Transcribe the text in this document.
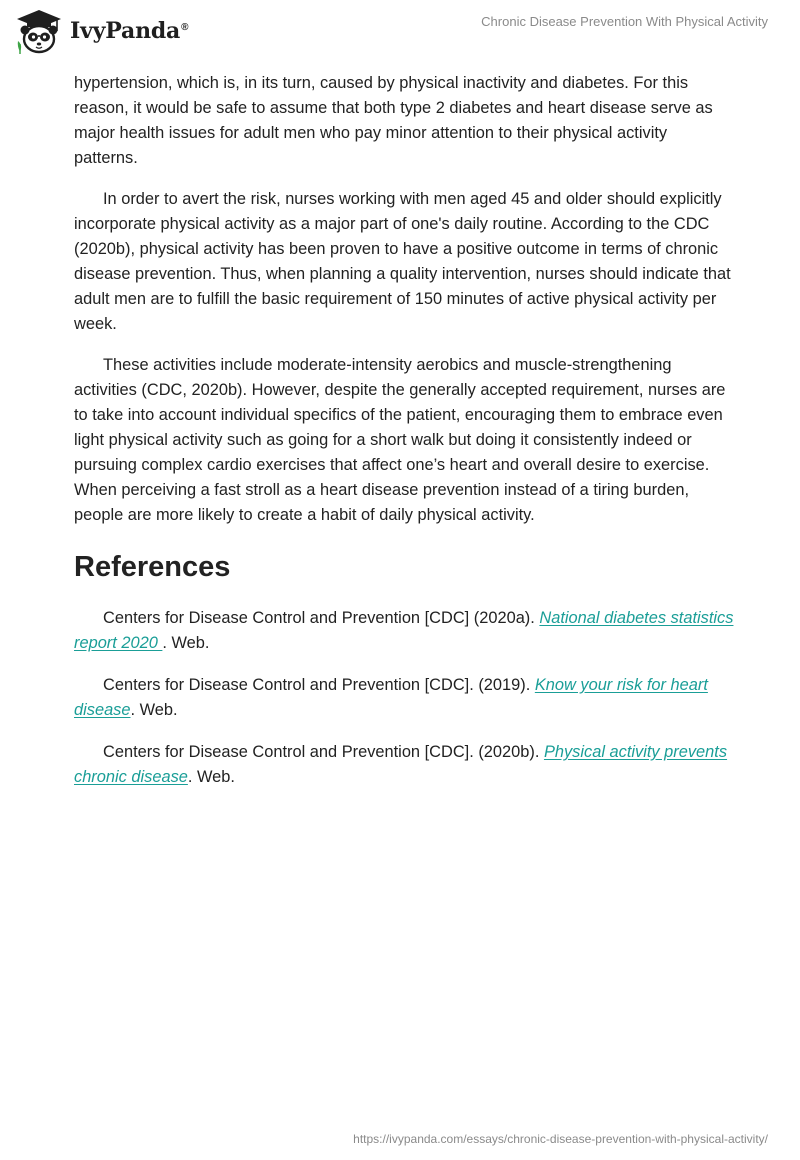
IvyPanda®	Chronic Disease Prevention With Physical Activity

hypertension, which is, in its turn, caused by physical inactivity and diabetes. For this reason, it would be safe to assume that both type 2 diabetes and heart disease serve as major health issues for adult men who pay minor attention to their physical activity patterns.

In order to avert the risk, nurses working with men aged 45 and older should explicitly incorporate physical activity as a major part of one's daily routine. According to the CDC (2020b), physical activity has been proven to have a positive outcome in terms of chronic disease prevention. Thus, when planning a quality intervention, nurses should indicate that adult men are to fulfill the basic requirement of 150 minutes of active physical activity per week.

These activities include moderate-intensity aerobics and muscle-strengthening activities (CDC, 2020b). However, despite the generally accepted requirement, nurses are to take into account individual specifics of the patient, encouraging them to embrace even light physical activity such as going for a short walk but doing it consistently indeed or pursuing complex cardio exercises that affect one’s heart and overall desire to exercise. When perceiving a fast stroll as a heart disease prevention instead of a tiring burden, people are more likely to create a habit of daily physical activity.

References

Centers for Disease Control and Prevention [CDC] (2020a). National diabetes statistics report 2020 . Web.

Centers for Disease Control and Prevention [CDC]. (2019). Know your risk for heart disease. Web.

Centers for Disease Control and Prevention [CDC]. (2020b). Physical activity prevents chronic disease. Web.

https://ivypanda.com/essays/chronic-disease-prevention-with-physical-activity/
